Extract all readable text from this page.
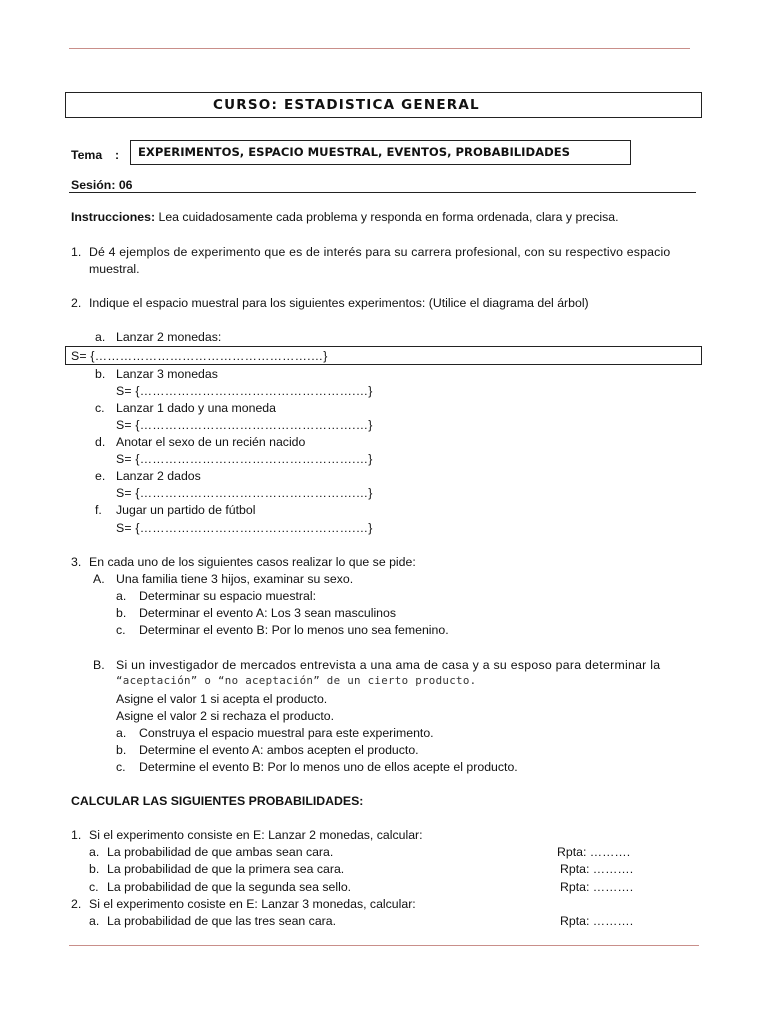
CURSO: ESTADISTICA GENERAL
Tema : EXPERIMENTOS, ESPACIO MUESTRAL, EVENTOS, PROBABILIDADES
Sesión: 06
Instrucciones: Lea cuidadosamente cada problema y responda en forma ordenada, clara y precisa.
1. Dé 4 ejemplos de experimento que es de interés para su carrera profesional, con su respectivo espacio
muestral.
2. Indique el espacio muestral para los siguientes experimentos: (Utilice el diagrama del árbol)
a. Lanzar 2 monedas:
S= {…………………………………………….…}
b. Lanzar 3 monedas
S= {…………………………………………….…}
c. Lanzar 1 dado y una moneda
S= {…………………………………………….…}
d. Anotar el sexo de un recién nacido
S= {…………………………………………….…}
e. Lanzar 2 dados
S= {…………………………………………….…}
f. Jugar un partido de fútbol
S= {…………………………………………….…}
3. En cada uno de los siguientes casos realizar lo que se pide:
A. Una familia tiene 3 hijos, examinar su sexo.
a. Determinar su espacio muestral:
b. Determinar el evento A: Los 3 sean masculinos
c. Determinar el evento B: Por lo menos uno sea femenino.
B. Si un investigador de mercados entrevista a una ama de casa y a su esposo para determinar la
“aceptación” o “no aceptación” de un cierto producto.
Asigne el valor 1 si acepta el producto.
Asigne el valor 2 si rechaza el producto.
a. Construya el espacio muestral para este experimento.
b. Determine el evento A: ambos acepten el producto.
c. Determine el evento B: Por lo menos uno de ellos acepte el producto.
CALCULAR LAS SIGUIENTES PROBABILIDADES:
1. Si el experimento consiste en E: Lanzar 2 monedas, calcular:
a. La probabilidad de que ambas sean cara.	Rpta: ……….
b. La probabilidad de que la primera sea cara.	Rpta: ……….
c. La probabilidad de que la segunda sea sello.	Rpta: ……….
2. Si el experimento cosiste en E: Lanzar 3 monedas, calcular:
a. La probabilidad de que las tres sean cara.	Rpta: ……….
